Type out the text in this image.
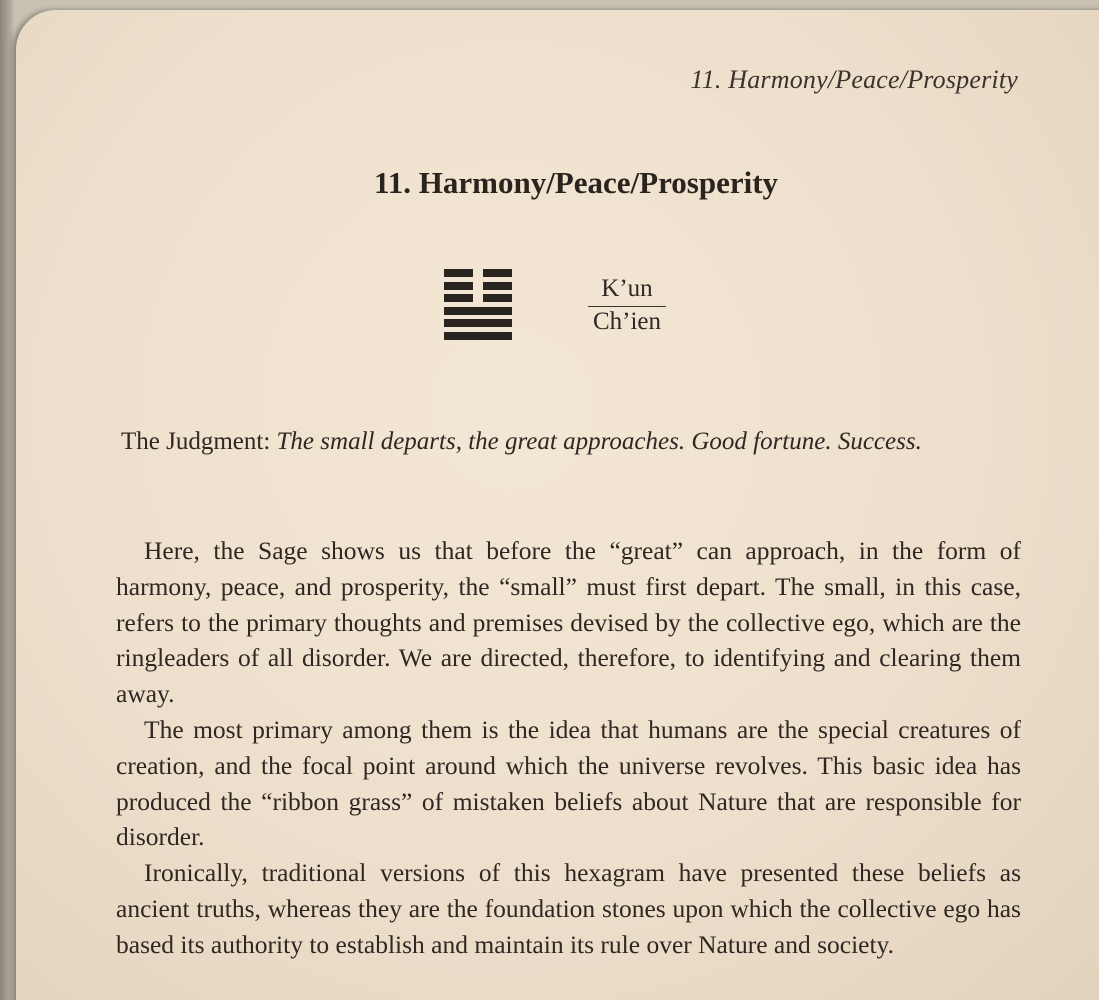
11. Harmony/Peace/Prosperity
11. Harmony/Peace/Prosperity
K’un
Ch’ien
The Judgment: The small departs, the great approaches. Good fortune. Success.

Here, the Sage shows us that before the “great” can approach, in the form of harmony, peace, and prosperity, the “small” must first depart. The small, in this case, refers to the primary thoughts and premises devised by the collective ego, which are the ringleaders of all disorder. We are directed, therefore, to identifying and clearing them away.

The most primary among them is the idea that humans are the special creatures of creation, and the focal point around which the universe revolves. This basic idea has produced the “ribbon grass” of mistaken beliefs about Nature that are responsible for disorder.

Ironically, traditional versions of this hexagram have presented these beliefs as ancient truths, whereas they are the foundation stones upon which the collective ego has based its authority to establish and maintain its rule over Nature and society.
